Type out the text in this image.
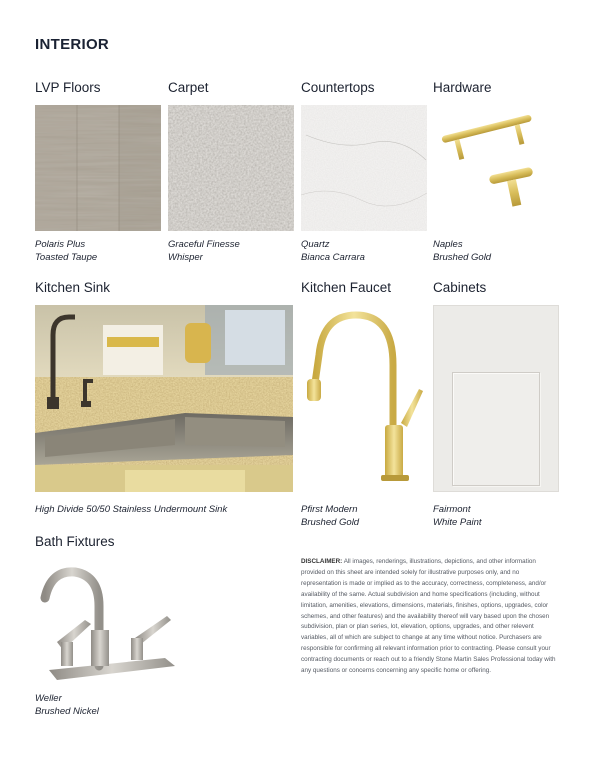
INTERIOR
LVP Floors	Carpet	Countertops	Hardware
Polaris Plus
Toasted Taupe
Graceful Finesse
Whisper
Quartz
Bianca Carrara
Naples
Brushed Gold
Kitchen Sink	Kitchen Faucet	Cabinets
High Divide 50/50 Stainless Undermount Sink	Pfirst Modern
Brushed Gold
Fairmont
White Paint
Bath Fixtures
Weller
Brushed Nickel
DISCLAIMER: All images, renderings, illustrations, depictions, and other information provided on this sheet are intended solely for illustrative purposes only, and no representation is made or implied as to the accuracy, correctness, completeness, and/or availability of the same. Actual subdivision and home specifications (including, without limitation, amenities, elevations, dimensions, materials, finishes, options, upgrades, color schemes, and other features) and the availability thereof will vary based upon the chosen subdivision, plan or plan series, lot, elevation, options, upgrades, and other relevent variables, all of which are subject to change at any time without notice. Purchasers are responsible for confirming all relevant information prior to contracting. Please consult your contracting documents or reach out to a friendly Stone Martin Sales Professional today with any questions or concerns concerning any specific home or offering.
